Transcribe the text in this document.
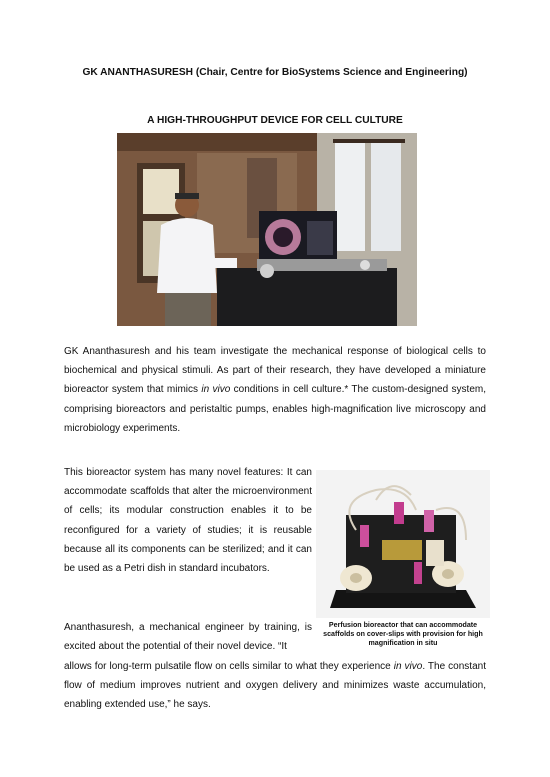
GK ANANTHASURESH (Chair, Centre for BioSystems Science and Engineering)
A HIGH-THROUGHPUT DEVICE FOR CELL CULTURE

GK Ananthasuresh and his team investigate the mechanical response of biological cells to biochemical and physical stimuli. As part of their research, they have developed a miniature bioreactor system that mimics in vivo conditions in cell culture.* The custom-designed system, comprising bioreactors and peristaltic pumps, enables high-magnification live microscopy and microbiology experiments.

This bioreactor system has many novel features: It can accommodate scaffolds that alter the microenvironment of cells; its modular construction enables it to be reconfigured for a variety of studies; it is reusable because all its components can be sterilized; and it can be used as a Petri dish in standard incubators.

Perfusion bioreactor that can accommodate scaffolds on cover-slips with provision for high magnification in situ

Ananthasuresh, a mechanical engineer by training, is excited about the potential of their novel device. “It

allows for long-term pulsatile flow on cells similar to what they experience in vivo. The constant flow of medium improves nutrient and oxygen delivery and minimizes waste accumulation, enabling extended use,” he says.
